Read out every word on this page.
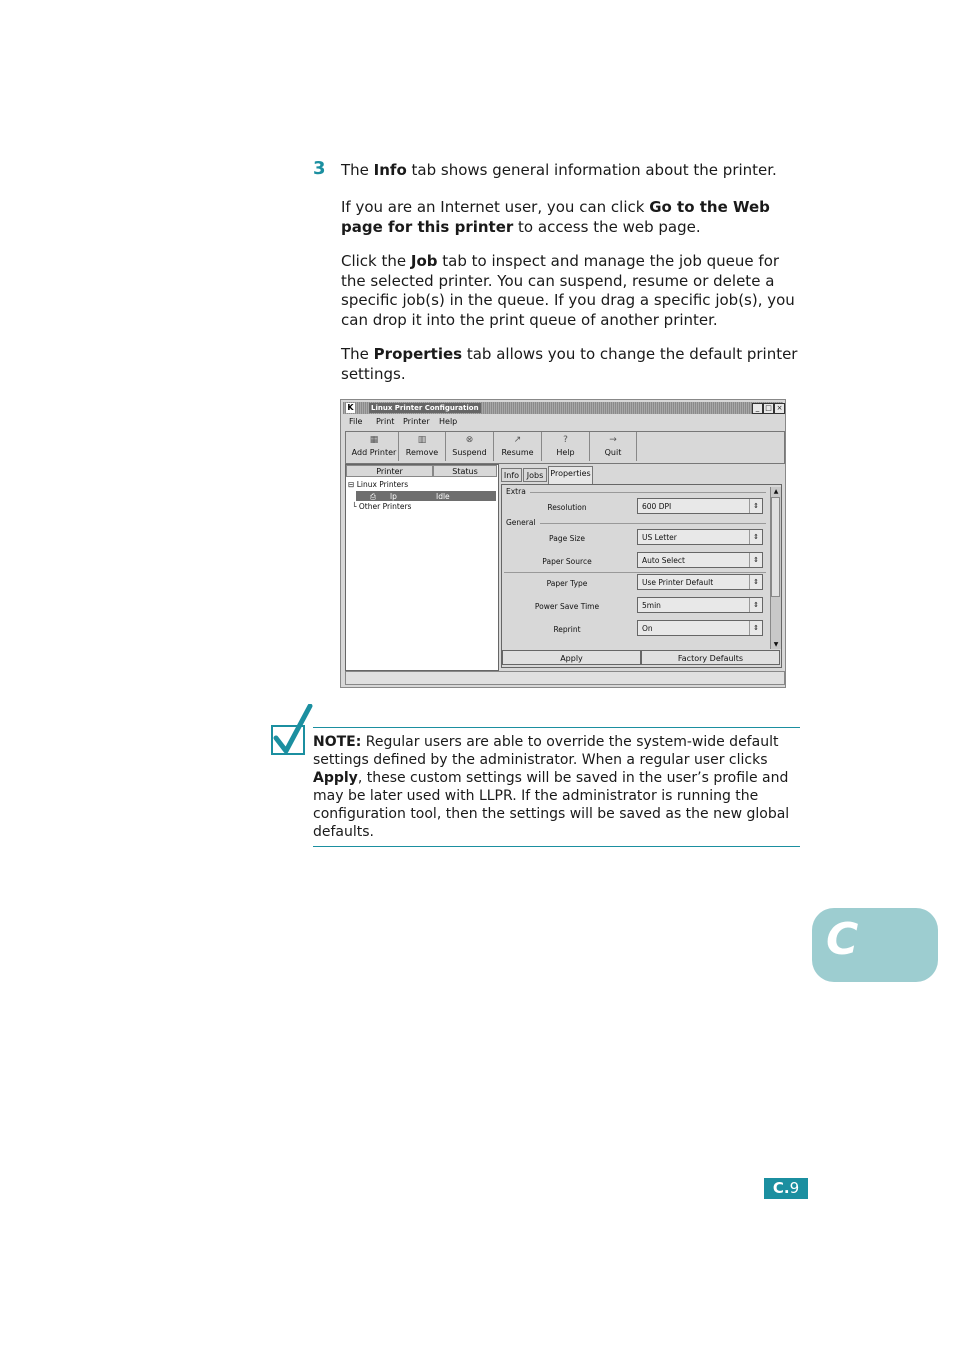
3 The Info tab shows general information about the printer.

If you are an Internet user, you can click Go to the Web page for this printer to access the web page.

Click the Job tab to inspect and manage the job queue for the selected printer. You can suspend, resume or delete a specific job(s) in the queue. If you drag a specific job(s), you can drop it into the print queue of another printer.

The Properties tab allows you to change the default printer settings.

K Linux Printer Configuration	_ □ ×
File Print Printer Help
▦
Add Printer
▥
Remove
⊗
Suspend
↗
Resume
?
Help
→
Quit
Printer	Status
⊟ Linux Printers
⎙ lp	Idle
└ Other Printers
Info Jobs Properties
Extra
Resolution	600 DPI	⇕
General
Page Size	US Letter	⇕
Paper Source	Auto Select	⇕
Paper Type	Use Printer Default	⇕
Power Save Time	5min	⇕
Reprint	On	⇕
▲
▼
Apply	Factory Defaults

NOTE: Regular users are able to override the system-wide default settings defined by the administrator. When a regular user clicks Apply, these custom settings will be saved in the user’s profile and may be later used with LLPR. If the administrator is running the configuration tool, then the settings will be saved as the new global defaults.

C
C.9
